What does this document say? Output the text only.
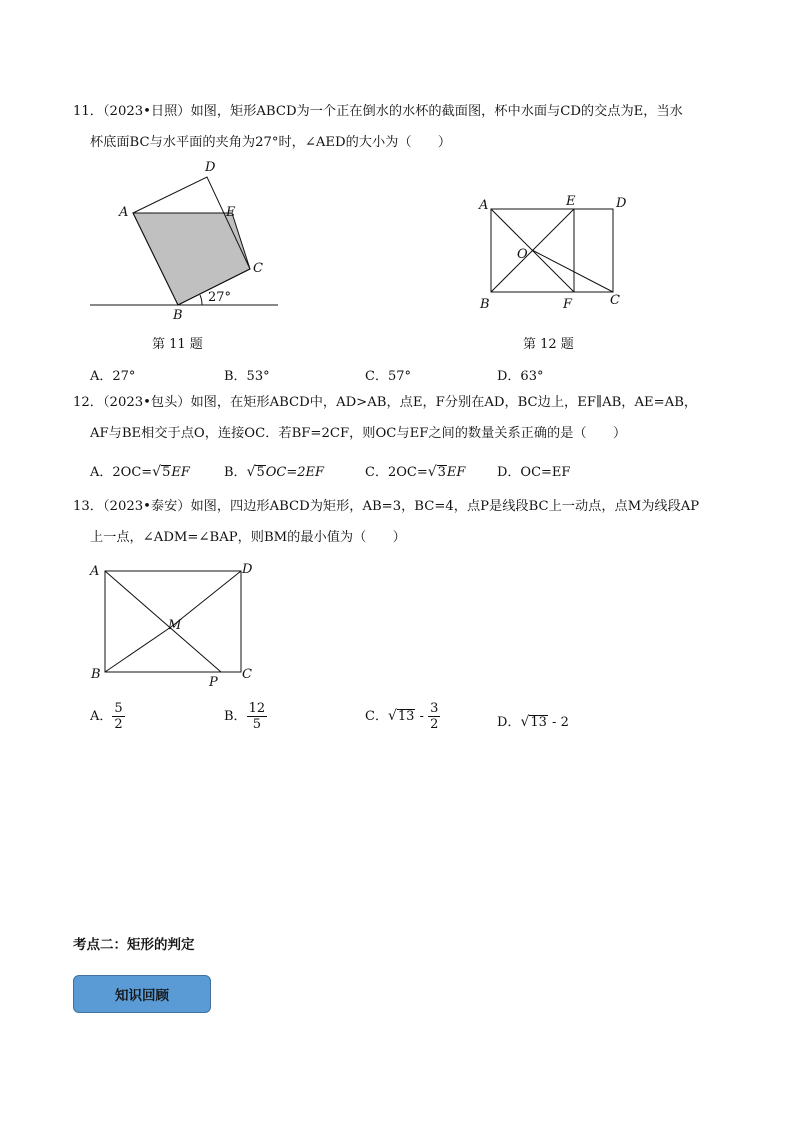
11．（2023•日照）如图，矩形ABCD为一个正在倒水的水杯的截面图，杯中水面与CD的交点为E，当水
杯底面BC与水平面的夹角为27°时，∠AED的大小为（　　）
D
A	E
C
B
27°
第 11 题
A	E	D
O
B	F	C
第 12 题
A．27°	B．53°	C．57°	D．63°
12．（2023•包头）如图，在矩形ABCD中，AD>AB，点E，F分别在AD，BC边上，EF∥AB，AE=AB，
AF与BE相交于点O，连接OC．若BF=2CF，则OC与EF之间的数量关系正确的是（　　）
A．2OC=√5EF	B．√5OC=2EF	C．2OC=√3EF D．OC=EF
13．（2023•泰安）如图，四边形ABCD为矩形，AB=3，BC=4，点P是线段BC上一动点，点M为线段AP
上一点，∠ADM=∠BAP，则BM的最小值为（　　）
A	D
M
B	C
P
A． $\frac{5}{2}$	B． $\frac{12}{5}$	C．$√13 - \frac{3}{2}$	D．√13 - 2
考点二：矩形的判定
知识回顾
